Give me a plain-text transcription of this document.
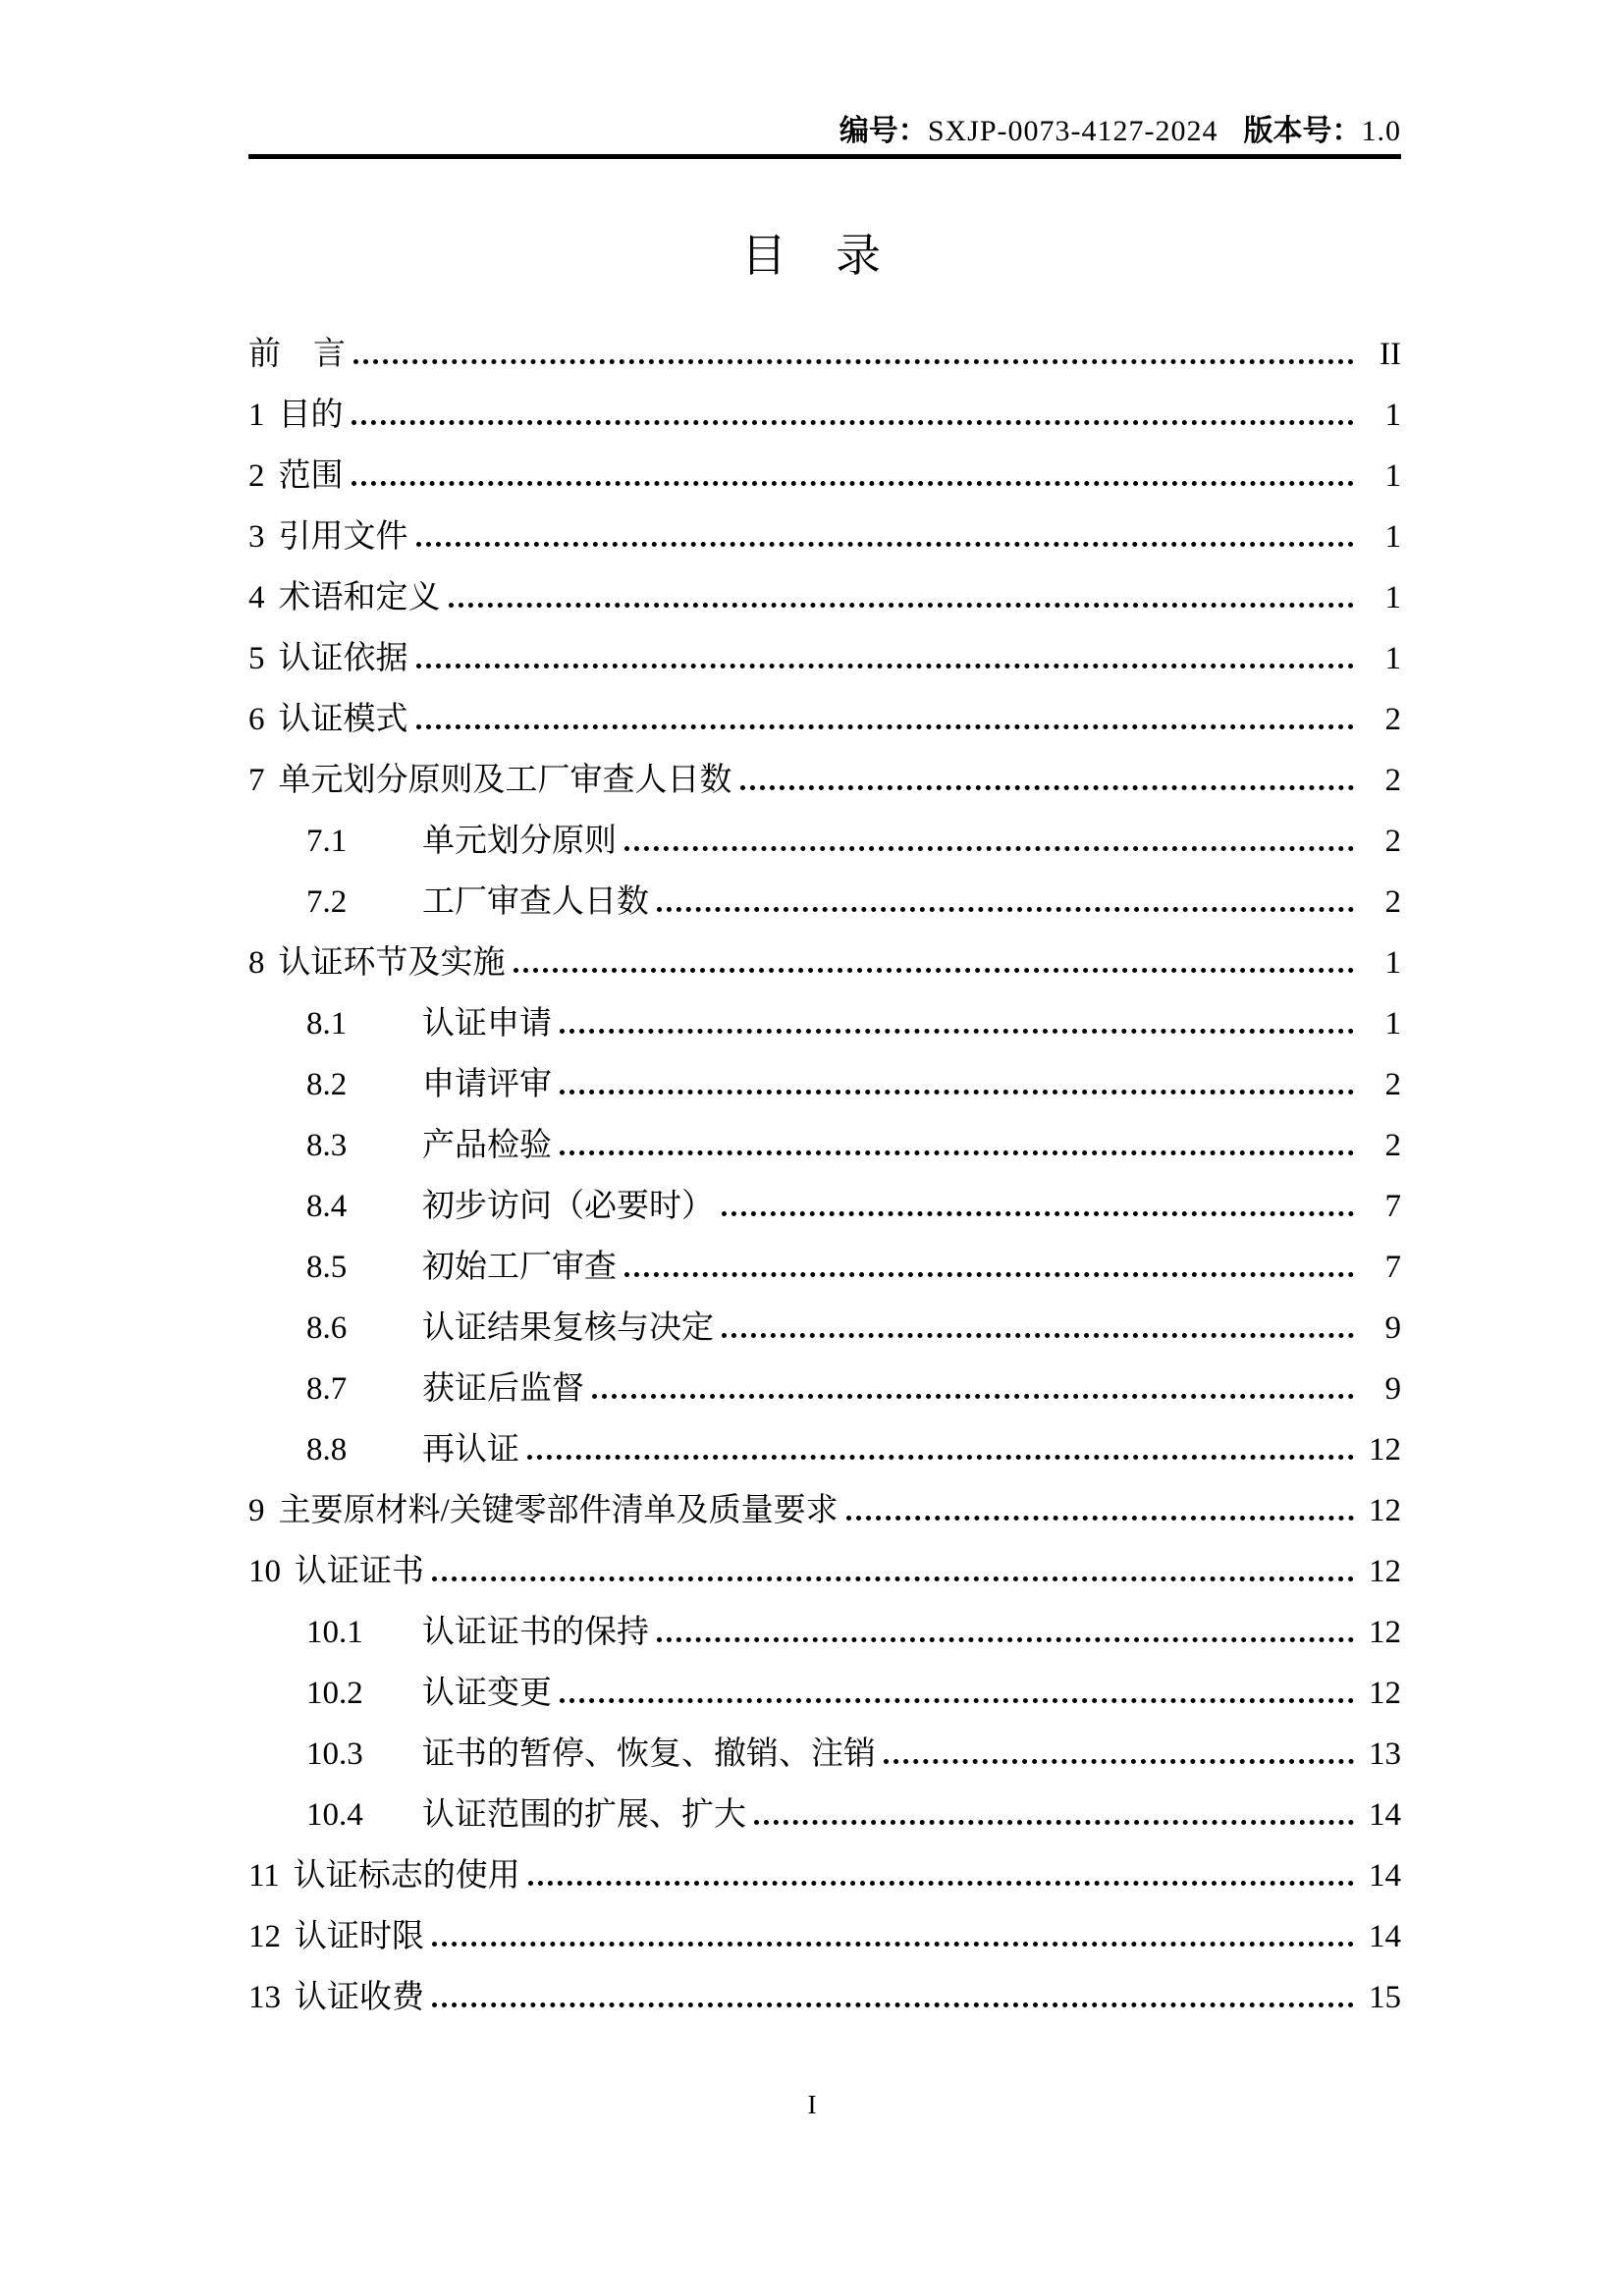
编号：SXJP-0073-4127-2024 版本号：1.0
目　录
前　言	II
1 目的	1
2 范围	1
3 引用文件	1
4 术语和定义	1
5 认证依据	1
6 认证模式	2
7 单元划分原则及工厂审查人日数	2
7.1	单元划分原则	2
7.2	工厂审查人日数	2
8 认证环节及实施	1
8.1	认证申请	1
8.2	申请评审	2
8.3	产品检验	2
8.4	初步访问（必要时）	7
8.5	初始工厂审查	7
8.6	认证结果复核与决定	9
8.7	获证后监督	9
8.8	再认证	12
9 主要原材料/关键零部件清单及质量要求	12
10 认证证书	12
10.1	认证证书的保持	12
10.2	认证变更	12
10.3	证书的暂停、恢复、撤销、注销	13
10.4	认证范围的扩展、扩大	14
11 认证标志的使用	14
12 认证时限	14
13 认证收费	15
I
